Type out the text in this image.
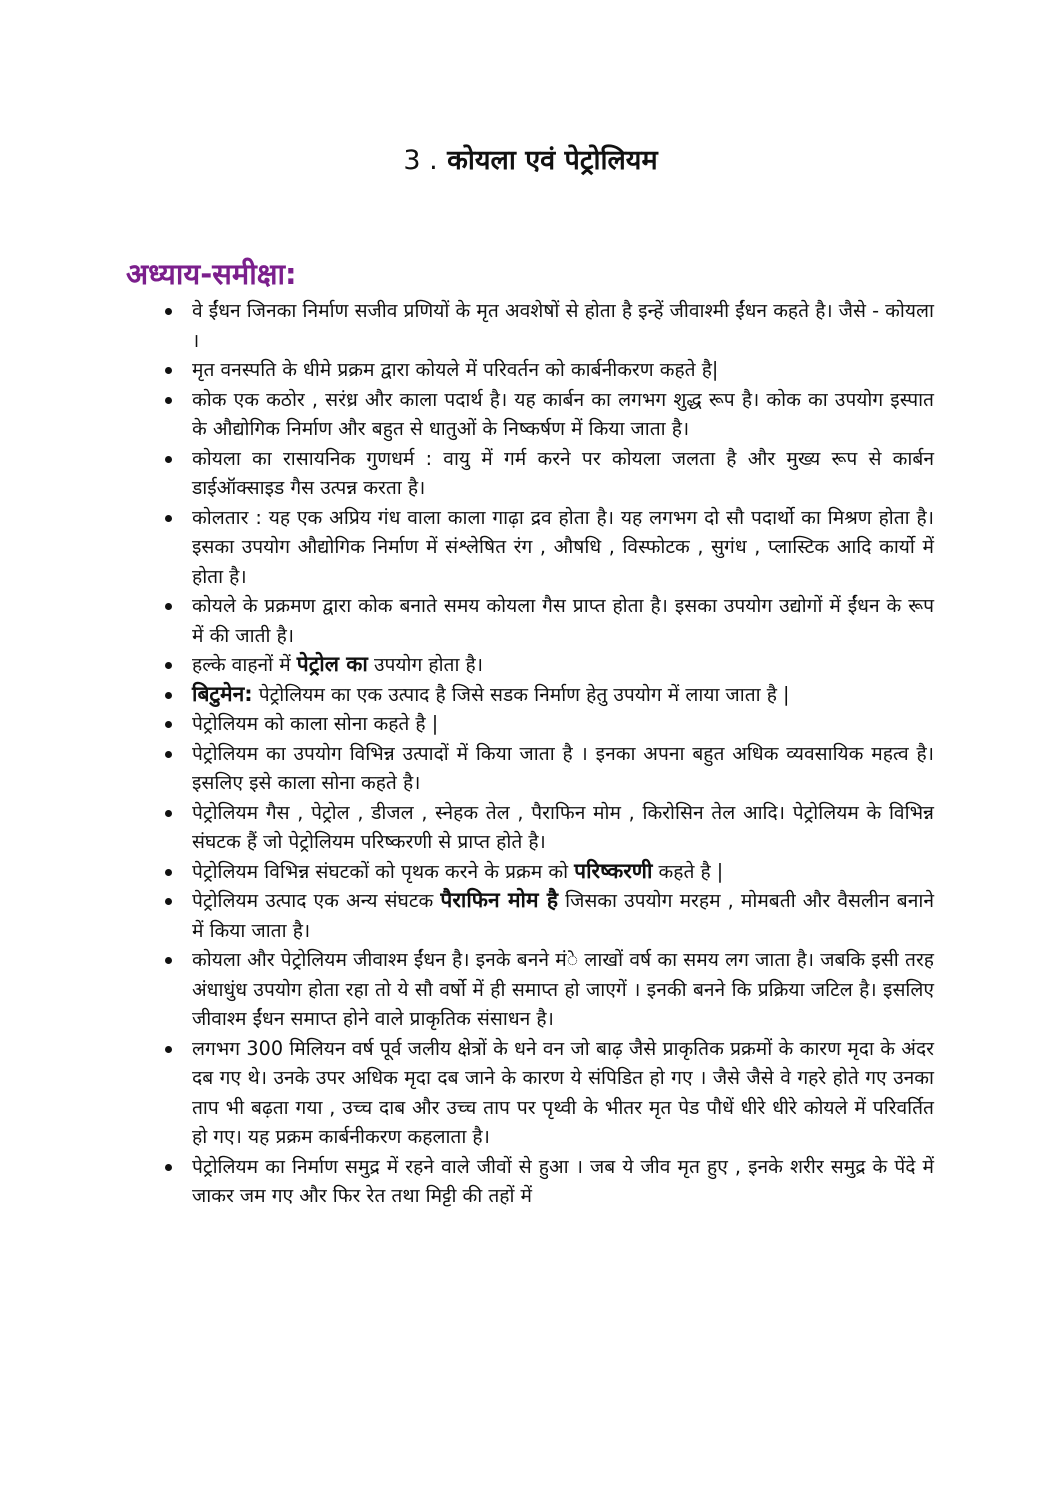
3 . कोयला एवं पेट्रोलियम
अध्याय-समीक्षा:
वे ईंधन जिनका निर्माण सजीव प्रणियों के मृत अवशेषों से होता है इन्हें जीवाश्मी ईंधन कहते है। जैसे - कोयला ।
मृत वनस्पति के धीमे प्रक्रम द्वारा कोयले में परिवर्तन को कार्बनीकरण कहते है|
कोक एक कठोर , सरंध्र और काला पदार्थ है। यह कार्बन का लगभग शुद्ध रूप है। कोक का उपयोग इस्पात के औद्योगिक निर्माण और बहुत से धातुओं के निष्कर्षण में किया जाता है।
कोयला का रासायनिक गुणधर्म : वायु में गर्म करने पर कोयला जलता है और मुख्य रूप से कार्बन डाईऑक्साइड गैस उत्पन्न करता है।
कोलतार : यह एक अप्रिय गंध वाला काला गाढ़ा द्रव होता है। यह लगभग दो सौ पदार्थो का मिश्रण होता है। इसका उपयोग औद्योगिक निर्माण में संश्लेषित रंग , औषधि , विस्फोटक , सुगंध , प्लास्टिक आदि कार्यो में होता है।
कोयले के प्रक्रमण द्वारा कोक बनाते समय कोयला गैस प्राप्त होता है। इसका उपयोग उद्योगों में ईंधन के रूप में की जाती है।
हल्के वाहनों में पेट्रोल का उपयोग होता है।
बिटुमेन: पेट्रोलियम का एक उत्पाद है जिसे सडक निर्माण हेतु उपयोग में लाया जाता है |
पेट्रोलियम को काला सोना कहते है |
पेट्रोलियम का उपयोग विभिन्न उत्पादों में किया जाता है । इनका अपना बहुत अधिक व्यवसायिक महत्व है। इसलिए इसे काला सोना कहते है।
पेट्रोलियम गैस , पेट्रोल , डीजल , स्नेहक तेल , पैराफिन मोम , किरोसिन तेल आदि। पेट्रोलियम के विभिन्न संघटक हैं जो पेट्रोलियम परिष्करणी से प्राप्त होते है।
पेट्रोलियम विभिन्न संघटकों को पृथक करने के प्रक्रम को परिष्करणी कहते है |
पेट्रोलियम उत्पाद एक अन्य संघटक पैराफिन मोम है जिसका उपयोग मरहम , मोमबती और वैसलीन बनाने में किया जाता है।
कोयला और पेट्रोलियम जीवाश्म ईंधन है। इनके बनने मंे लाखों वर्ष का समय लग जाता है। जबकि इसी तरह अंधाधुंध उपयोग होता रहा तो ये सौ वर्षो में ही समाप्त हो जाएगें । इनकी बनने कि प्रक्रिया जटिल है। इसलिए जीवाश्म ईंधन समाप्त होने वाले प्राकृतिक संसाधन है।
लगभग 300 मिलियन वर्ष पूर्व जलीय क्षेत्रों के धने वन जो बाढ़ जैसे प्राकृतिक प्रक्रमों के कारण मृदा के अंदर दब गए थे। उनके उपर अधिक मृदा दब जाने के कारण ये संपिडित हो गए । जैसे जैसे वे गहरे होते गए उनका ताप भी बढ़ता गया , उच्च दाब और उच्च ताप पर पृथ्वी के भीतर मृत पेड पौधें धीरे धीरे कोयले में परिवर्तित हो गए। यह प्रक्रम कार्बनीकरण कहलाता है।
पेट्रोलियम का निर्माण समुद्र में रहने वाले जीवों से हुआ । जब ये जीव मृत हुए , इनके शरीर समुद्र के पेंदे में जाकर जम गए और फिर रेत तथा मिट्टी की तहों में
